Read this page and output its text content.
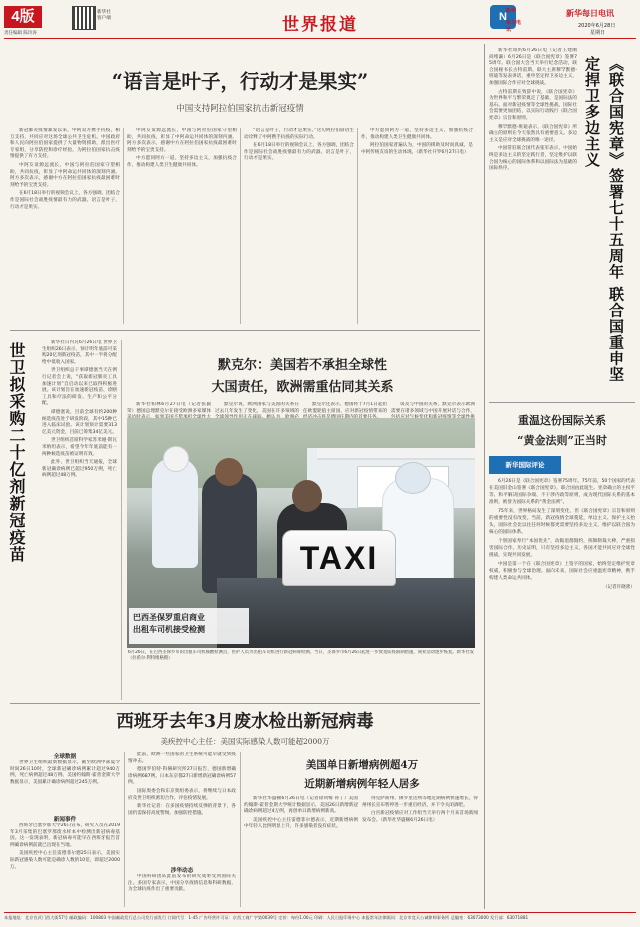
4版
责任编辑 陈玲涛
新华社
客户端	世界报道	N 新华
每日电讯
新华每日电讯
2020年6月28日
星期日
“语言是叶子，行动才是果实”
中国支持阿拉伯国家抗击新冠疫情

新冠肺炎疫情暴发以来，中阿双方携手抗疫，相互支持，共同应对这场全球公共卫生危机。中国政府和人民向阿拉伯国家提供了大量物资援助，派出医疗专家组，分享防控和诊疗经验，为阿拉伯国家抗击疫情提供了有力支持。

中阿友谊源远流长，中国与阿拉伯国家守望相助，共同抗疫，彰显了中阿命运共同体的深刻内涵。阿方多次表示，感谢中方在阿拉伯国家抗疫最困难时刻给予的宝贵支持。

在6月18日举行的视频会议上，各方强调，团结合作是国际社会战胜疫情最有力的武器。语言是叶子，行动才是果实。

中阿友谊源远流长，中国与阿拉伯国家守望相助，共同抗疫，彰显了中阿命运共同体的深刻内涵。阿方多次表示，感谢中方在阿拉伯国家抗疫最困难时刻给予的宝贵支持。

中方愿同阿方一道，坚持多边主义，加强抗疫合作，推动构建人类卫生健康共同体。

“语言是叶子，行动才是果实。”这句阿拉伯谚语生动诠释了中阿携手抗疫的实际行动。

在6月18日举行的视频会议上，各方强调，团结合作是国际社会战胜疫情最有力的武器。语言是叶子，行动才是果实。

中方愿同阿方一道，坚持多边主义，加强抗疫合作，推动构建人类卫生健康共同体。

阿拉伯国家普遍认为，中国的援助及时而真诚，是中阿传统友谊的生动体现。（新华社开罗6月27日电）

世卫拟采购二十亿剂新冠疫苗	新华社日内瓦6月26日电 世界卫生组织26日表示，预计明年底前可采购20亿剂新冠疫苗，其中一半将分配给中低收入国家。

世卫组织总干事谭德塞当天在例行记者会上说，“获取新冠肺炎工具加速计划”自启动以来已取得积极进展。该计划旨在加速新冠疫苗、诊断工具和疗法的研发、生产和公平分配。

谭德塞说，目前全球有约200种候选疫苗处于研发阶段，其中15种已进入临床试验。该计划预计需要313亿美元资金，目前已筹集34亿美元。

世卫组织首席科学家苏米娅·斯瓦米纳坦表示，希望今年年底前能有一两种候选疫苗被证明有效。

此外，世卫组织当天通报，全球新冠确诊病例已超过950万例，死亡病例超过48万例。

默克尔：美国若不承担全球性
大国责任，欧洲需重估同其关系

新华社柏林6月27日电（记者张毅荣）德国总理默克尔在接受欧洲多家媒体

默克尔说，欧洲国家与美国的关系在过去几年发生了变化，美国在许多领域的

默克尔还表示，德国将于7月1日起担任欧盟轮值主席国，应对新冠疫情带来的

谈及与中国的关系，默克尔表示欧洲需要在诸多领域与中国开展对话与合作，

TAXI
巴西圣保罗重启商业
出租车司机接受检测
6月26日，在巴西圣保罗市的出租车司机核酸检测点，医护人员为出租车司机进行新冠病毒检测。当日，圣保罗市6月26日起进一步放宽防疫限制措施，商业活动逐步恢复。新华社发（拉希尔·利特维格摄）
西班牙去年3月废水检出新冠病毒
美疾控中心主任：美国实际感染人数可能超2000万
全球数据

世界卫生组织最新数据显示，截至欧洲中部夏令时间26日10时，全球新冠确诊病例累计超过940万例，死亡病例超过48万例。美国约翰斯·霍普金斯大学数据显示，美国累计确诊病例超过245万例。

新闻事件

西班牙巴塞罗那大学26日宣布，研究人员在2019年3月采集的巴塞罗那废水样本中检测出新冠病毒基因。这一发现表明，新冠病毒可能早在西班牙报告首例确诊病例前就已出现在当地。

美国疾控中心主任雷德菲尔德25日表示，美国实际新冠感染人数可能是确诊人数的10倍，即超过2000万。

此前，欧洲一些国家的卫生系统可能早就受到疫情冲击。

德国罗伯特·科赫研究所27日报告，德国新增确诊病例687例。日本东京都27日新增新冠确诊病例57例。

国际奥委会和东京奥组委表示，将继续与日本政府及世卫组织密切合作，评估疫情发展。

新华社记者：在多国疫情持续反弹的背景下，各国仍需保持高度警惕，加强防控措施。

涉华动态

中国科研团队此前发布的研究成果受到国际关注。多国专家表示，中国分享疫情信息和科研数据，为全球抗疫作出了重要贡献。

美国单日新增病例超4万
近期新增病例年轻人居多

新华社华盛顿6月26日电（记者徐剑梅 孙丁）美国约翰斯·霍普金斯大学统计数据显示，美国26日新增新冠确诊病例超过4万例，再创单日新增病例新高。

美国疾控中心主任雷德菲尔德表示，近期新增病例中年轻人比例明显上升，许多感染者没有症状。

得克萨斯州、佛罗里达州等地近期病例快速增长，得州州长宣布暂停进一步重启经济，并下令关闭酒吧。

白宫新冠疫情应对工作组当天举行两个月来首场新闻发布会。（新华社华盛顿6月26日电）

新华社纽约6月26日电（记者王建刚 尚绪谦）6月26日是《联合国宪章》签署75周年。联合国大会当天举行纪念活动，联合国秘书长古特雷斯、联大主席穆罕默德-班迪等发表讲话，重申坚定捍卫多边主义，加强国际合作应对全球挑战。

古特雷斯在致辞中说，《联合国宪章》为世界和平与繁荣奠定了基础，是国际法的基石。面对新冠疫情等全球性挑战，国际社会需要更加团结，以实际行动践行《联合国宪章》宗旨和原则。

穆罕默德-班迪表示，《联合国宪章》所确立的原则在今天依然具有重要意义。多边主义是应对全球挑战的唯一途径。

中国常驻联合国代表张军表示，中国始终是多边主义的坚定践行者，坚定维护以联合国为核心的国际体系和以国际法为基础的国际秩序。	《联合国宪章》签署七十五周年 联合国重申坚定捍卫多边主义
重温这份国际关系
“黄金法则”正当时
新华国际评论

6月26日是《联合国宪章》签署75周年。75年前，50个国家的代表在美国旧金山签署《联合国宪章》，联合国由此诞生。宪章确立的主权平等、和平解决国际争端、不干涉内政等原则，成为现代国际关系的基本准则，被誉为国际关系的“黄金法则”。

75年来，世界格局发生了深刻变化，但《联合国宪章》宗旨和原则的重要性没有改变。当前，新冠疫情全球蔓延，单边主义、保护主义抬头，国际社会比以往任何时候都更需要坚持多边主义，维护以联合国为核心的国际体系。

个别国家奉行“本国优先”，动辄退群毁约，挥舞制裁大棒，严重损害国际合作。历史证明，只有坚持多边主义，各国才能共同应对全球性挑战，实现共同发展。

中国是第一个在《联合国宪章》上签字的国家，始终坚定维护宪章权威，积极参与全球治理。面向未来，国际社会应重温宪章精神，携手构建人类命运共同体。

（记者许晓蕾）

本报地址：北京宣武门西大街57号 邮政编码：100803 中国邮政发行总公司发行部发行 订阅代号：1-45 广告经营许可证：京西工商广字第0039号 定价：每份1.00元 印刷：人民日报印务中心 本报常年法律顾问：北京市竞天公诚律师事务所 总编室：63073000 发行部：63071881
